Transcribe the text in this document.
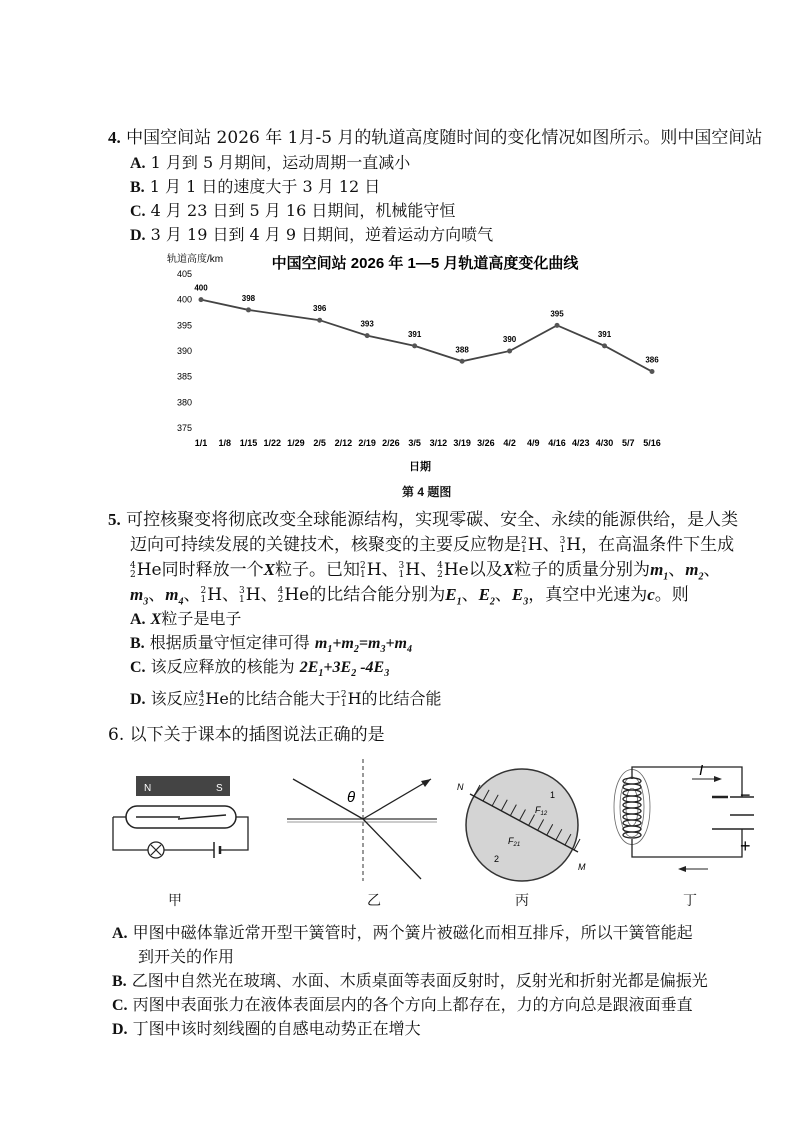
4. 中国空间站 2026 年 1月-5 月的轨道高度随时间的变化情况如图所示。则中国空间站
A. 1 月到 5 月期间，运动周期一直减小
B. 1 月 1 日的速度大于 3 月 12 日
C. 4 月 23 日到 5 月 16 日期间，机械能守恒
D. 3 月 19 日到 4 月 9 日期间，逆着运动方向喷气
轨道高度/km	中国空间站 2026 年 1—5 月轨道高度变化曲线
405
400
395
390
385
380
375
1/1 1/8 1/15 1/22 1/29 2/5 2/12 2/19 2/26 3/5 3/12 3/19 3/26 4/2 4/9 4/16 4/23 4/30 5/7 5/16
400
398
396
393
391
388
390
395
391
386
日期
第 4 题图
5. 可控核聚变将彻底改变全球能源结构，实现零碳、安全、永续的能源供给，是人类
迈向可持续发展的关键技术，核聚变的主要反应物是 2
1 H、 3
1 H，在高温条件下生成
4
2 He同时释放一个X粒子。已知 2
1 H、 3
1 H、 4
2 He以及X粒子的质量分别为$m_1$、$m_2$、
$m_3$、$m_4$、 2
1 H、 3
1 H、 4
2 He的比结合能分别为$E_1$、$E_2$、$E_3$，真空中光速为c。则
A. X粒子是电子
B. 根据质量守恒定律可得 $m_1+m_2=m_3+m_4$
C. 该反应释放的核能为 $2E_1+3E_2$ $-4E_3$
D. 该反应 4
2 He的比结合能大于 2
1 H的比结合能
6. 以下关于课本的插图说法正确的是
N	S
θ
N
M
$F_{12}$
$F_{21}$
1
2
I
−
+
甲	乙	丙	丁
A. 甲图中磁体靠近常开型干簧管时，两个簧片被磁化而相互排斥，所以干簧管能起
到开关的作用
B. 乙图中自然光在玻璃、水面、木质桌面等表面反射时，反射光和折射光都是偏振光
C. 丙图中表面张力在液体表面层内的各个方向上都存在，力的方向总是跟液面垂直
D. 丁图中该时刻线圈的自感电动势正在增大
